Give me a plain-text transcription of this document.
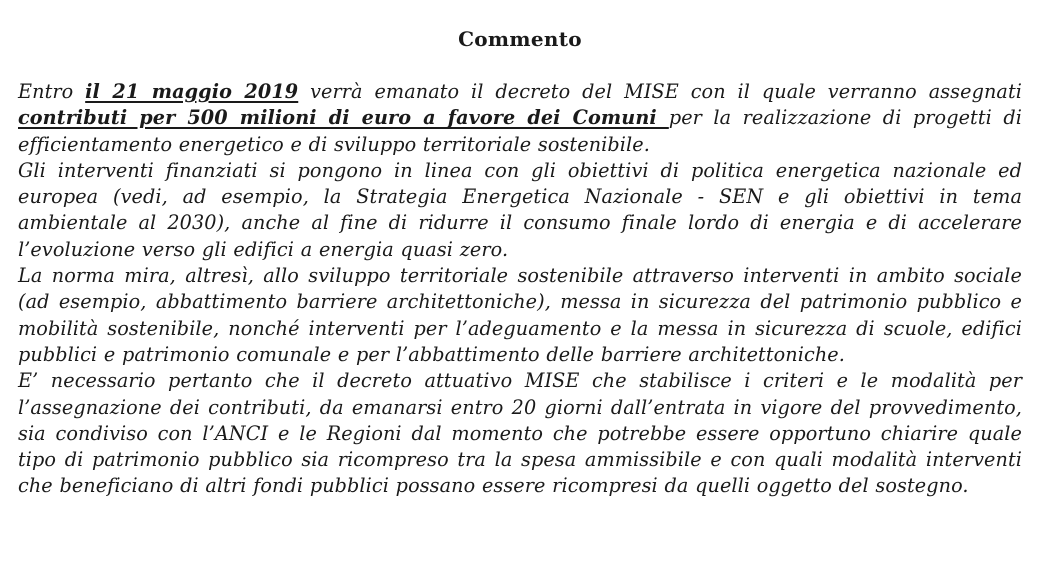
Commento

Entro il 21 maggio 2019 verrà emanato il decreto del MISE con il quale verranno assegnati contributi per 500 milioni di euro a favore dei Comuni per la realizzazione di progetti di efficientamento energetico e di sviluppo territoriale sostenibile.

Gli interventi finanziati si pongono in linea con gli obiettivi di politica energetica nazionale ed europea (vedi, ad esempio, la Strategia Energetica Nazionale - SEN e gli obiettivi in tema ambientale al 2030), anche al fine di ridurre il consumo finale lordo di energia e di accelerare l’evoluzione verso gli edifici a energia quasi zero.

La norma mira, altresì, allo sviluppo territoriale sostenibile attraverso interventi in ambito sociale (ad esempio, abbattimento barriere architettoniche), messa in sicurezza del patrimonio pubblico e mobilità sostenibile, nonché interventi per l’adeguamento e la messa in sicurezza di scuole, edifici pubblici e patrimonio comunale e per l’abbattimento delle barriere architettoniche.

E’ necessario pertanto che il decreto attuativo MISE che stabilisce i criteri e le modalità per l’assegnazione dei contributi, da emanarsi entro 20 giorni dall’entrata in vigore del provvedimento, sia condiviso con l’ANCI e le Regioni dal momento che potrebbe essere opportuno chiarire quale tipo di patrimonio pubblico sia ricompreso tra la spesa ammissibile e con quali modalità interventi che beneficiano di altri fondi pubblici possano essere ricompresi da quelli oggetto del sostegno.
